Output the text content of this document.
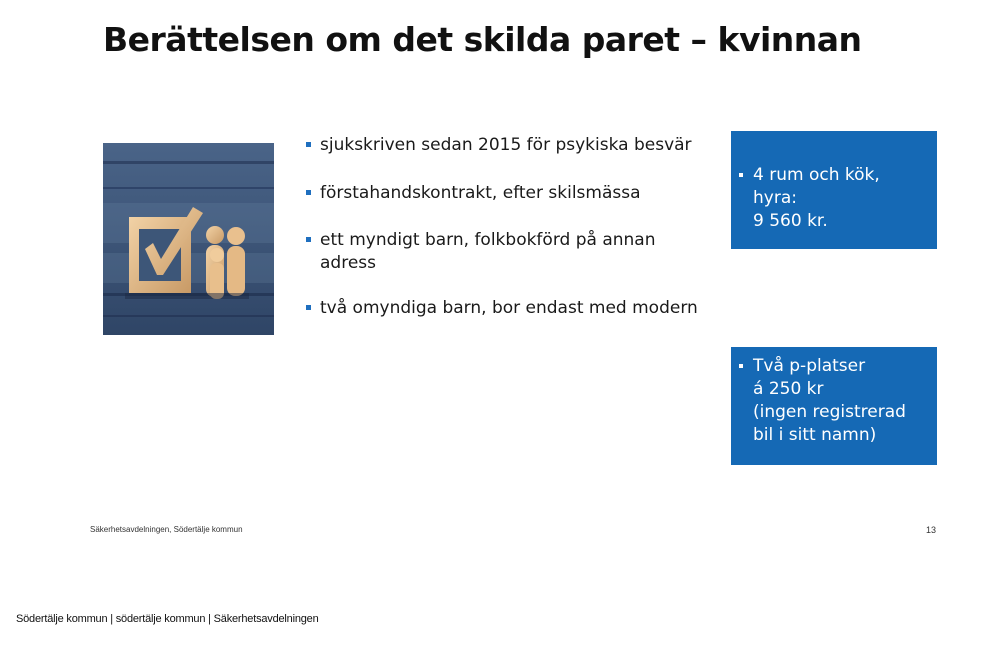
Berättelsen om det skilda paret – kvinnan
sjukskriven sedan 2015 för psykiska besvär
förstahandskontrakt, efter skilsmässa
ett myndigt barn, folkbokförd på annan adress
två omyndiga barn, bor endast med modern
4 rum och kök, hyra:
9 560 kr.
Två p-platser
á 250 kr
(ingen registrerad
bil i sitt namn)
Säkerhetsavdelningen, Södertälje kommun	13
Södertälje kommun | södertälje kommun | Säkerhetsavdelningen
